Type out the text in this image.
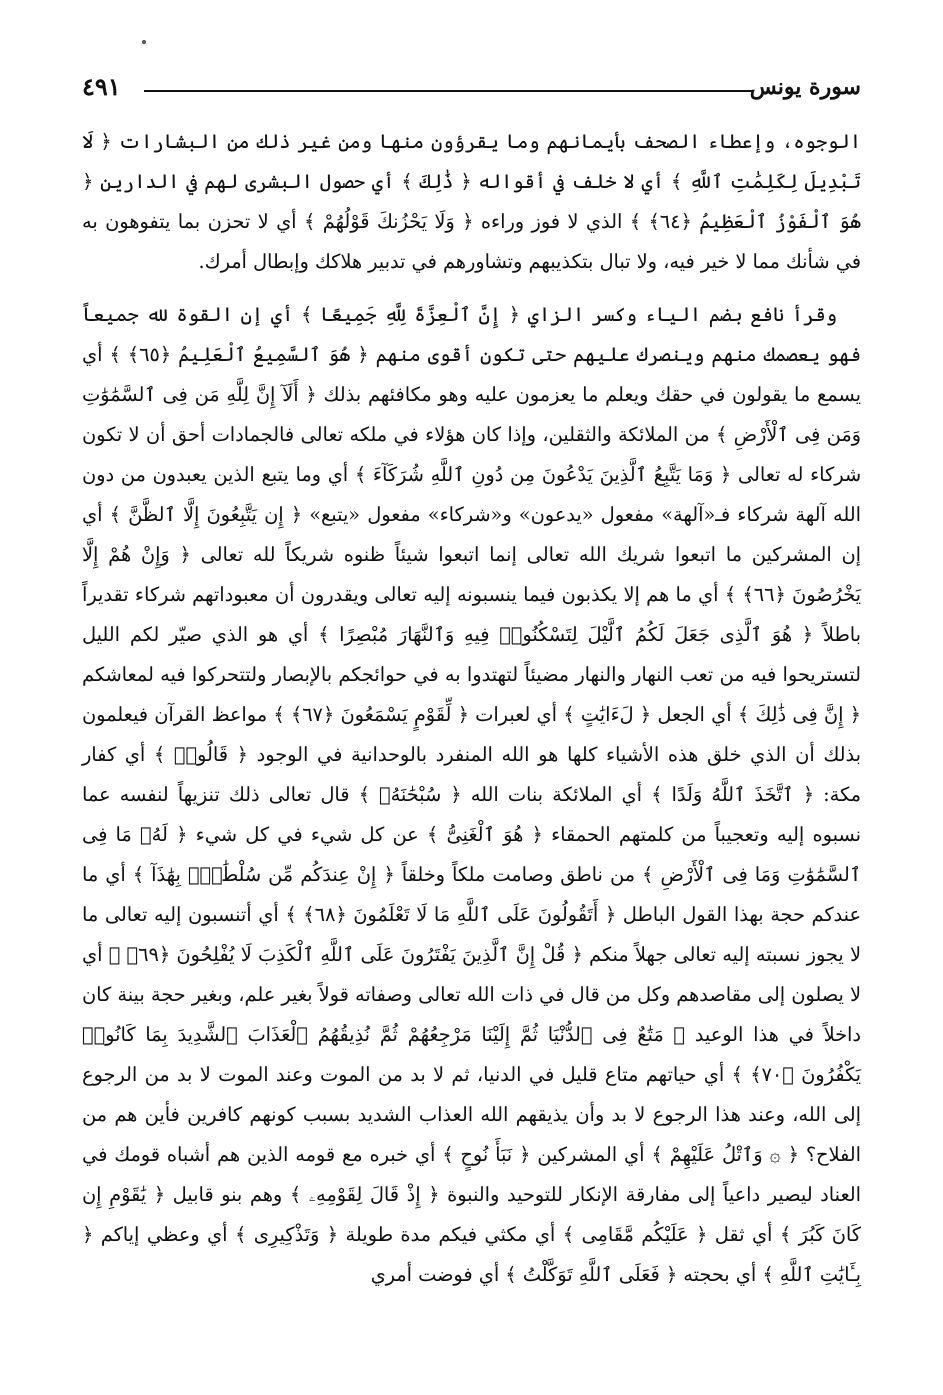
سورة يونس
٤٩١

الوجوه، وإعطاء الصحف بأيمانهم وما يقرؤون منها ومن غير ذلك من البشارات ﴿ لَا تَبْدِيلَ لِكَلِمَٰتِ ٱللَّهِ ﴾ أي لا خلف في أقواله ﴿ ذَٰلِكَ ﴾ أي حصول البشرى لهم في الدارين ﴿ هُوَ ٱلْفَوْزُ ٱلْعَظِيمُ ﴿٦٤﴾ ﴾ الذي لا فوز وراءه ﴿ وَلَا يَحْزُنكَ قَوْلُهُمْ ﴾ أي لا تحزن بما يتفوهون به في شأنك مما لا خير فيه، ولا تبال بتكذيبهم وتشاورهم في تدبير هلاكك وإبطال أمرك.

وقرأ نافع بضم الياء وكسر الزاي ﴿ إِنَّ ٱلْعِزَّةَ لِلَّهِ جَمِيعًا ﴾ أي إن القوة لله جميعاً فهو يعصمك منهم وينصرك عليهم حتى تكون أقوى منهم ﴿ هُوَ ٱلسَّمِيعُ ٱلْعَلِيمُ ﴿٦٥﴾ ﴾ أي يسمع ما يقولون في حقك ويعلم ما يعزمون عليه وهو مكافئهم بذلك ﴿ أَلَآ إِنَّ لِلَّهِ مَن فِى ٱلسَّمَٰوَٰتِ وَمَن فِى ٱلْأَرْضِ ﴾ من الملائكة والثقلين، وإذا كان هؤلاء في ملكه تعالى فالجمادات أحق أن لا تكون شركاء له تعالى ﴿ وَمَا يَتَّبِعُ ٱلَّذِينَ يَدْعُونَ مِن دُونِ ٱللَّهِ شُرَكَآءَ ﴾ أي وما يتبع الذين يعبدون من دون الله آلهة شركاء فـ«آلهة» مفعول «يدعون» و«شركاء» مفعول «يتبع» ﴿ إِن يَتَّبِعُونَ إِلَّا ٱلظَّنَّ ﴾ أي إن المشركين ما اتبعوا شريك الله تعالى إنما اتبعوا شيئاً ظنوه شريكاً لله تعالى ﴿ وَإِنْ هُمْ إِلَّا يَخْرُصُونَ ﴿٦٦﴾ ﴾ أي ما هم إلا يكذبون فيما ينسبونه إليه تعالى ويقدرون أن معبوداتهم شركاء تقديراً باطلاً ﴿ هُوَ ٱلَّذِى جَعَلَ لَكُمُ ٱلَّيْلَ لِتَسْكُنُوا۟ فِيهِ وَٱلنَّهَارَ مُبْصِرًا ﴾ أي هو الذي صيّر لكم الليل لتستريحوا فيه من تعب النهار والنهار مضيئاً لتهتدوا به في حوائجكم بالإبصار ولتتحركوا فيه لمعاشكم ﴿ إِنَّ فِى ذَٰلِكَ ﴾ أي الجعل ﴿ لَءَايَٰتٍ ﴾ أي لعبرات ﴿ لِّقَوْمٍ يَسْمَعُونَ ﴿٦٧﴾ ﴾ مواعظ القرآن فيعلمون بذلك أن الذي خلق هذه الأشياء كلها هو الله المنفرد بالوحدانية في الوجود ﴿ قَالُوا۟ ﴾ أي كفار مكة: ﴿ ٱتَّخَذَ ٱللَّهُ وَلَدًا ﴾ أي الملائكة بنات الله ﴿ سُبْحَٰنَهُۥ ﴾ قال تعالى ذلك تنزيهاً لنفسه عما نسبوه إليه وتعجيباً من كلمتهم الحمقاء ﴿ هُوَ ٱلْغَنِىُّ ﴾ عن كل شيء في كل شيء ﴿ لَهُۥ مَا فِى ٱلسَّمَٰوَٰتِ وَمَا فِى ٱلْأَرْضِ ﴾ من ناطق وصامت ملكاً وخلقاً ﴿ إِنْ عِندَكُم مِّن سُلْطَٰنٍۭ بِهَٰذَآ ﴾ أي ما عندكم حجة بهذا القول الباطل ﴿ أَتَقُولُونَ عَلَى ٱللَّهِ مَا لَا تَعْلَمُونَ ﴿٦٨﴾ ﴾ أي أتنسبون إليه تعالى ما لا يجوز نسبته إليه تعالى جهلاً منكم ﴿ قُلْ إِنَّ ٱلَّذِينَ يَفْتَرُونَ عَلَى ٱللَّهِ ٱلْكَذِبَ لَا يُفْلِحُونَ ﴿٦٩﴾ ﴾ أي لا يصلون إلى مقاصدهم وكل من قال في ذات الله تعالى وصفاته قولاً بغير علم، وبغير حجة بينة كان داخلاً في هذا الوعيد ﴿ مَتَٰعٌ فِى ٱلدُّنْيَا ثُمَّ إِلَيْنَا مَرْجِعُهُمْ ثُمَّ نُذِيقُهُمُ ٱلْعَذَابَ ٱلشَّدِيدَ بِمَا كَانُوا۟ يَكْفُرُونَ ﴿٧٠﴾ ﴾ أي حياتهم متاع قليل في الدنيا، ثم لا بد من الموت وعند الموت لا بد من الرجوع إلى الله، وعند هذا الرجوع لا بد وأن يذيقهم الله العذاب الشديد بسبب كونهم كافرين فأين هم من الفلاح؟ ﴿ ۞ وَٱتْلُ عَلَيْهِمْ ﴾ أي المشركين ﴿ نَبَأَ نُوحٍ ﴾ أي خبره مع قومه الذين هم أشباه قومك في العناد ليصير داعياً إلى مفارقة الإنكار للتوحيد والنبوة ﴿ إِذْ قَالَ لِقَوْمِهِۦ ﴾ وهم بنو قابيل ﴿ يَٰقَوْمِ إِن كَانَ كَبُرَ ﴾ أي ثقل ﴿ عَلَيْكُم مَّقَامِى ﴾ أي مكثي فيكم مدة طويلة ﴿ وَتَذْكِيرِى ﴾ أي وعظي إياكم ﴿ بِـَٔايَٰتِ ٱللَّهِ ﴾ أي بحجته ﴿ فَعَلَى ٱللَّهِ تَوَكَّلْتُ ﴾ أي فوضت أمري
